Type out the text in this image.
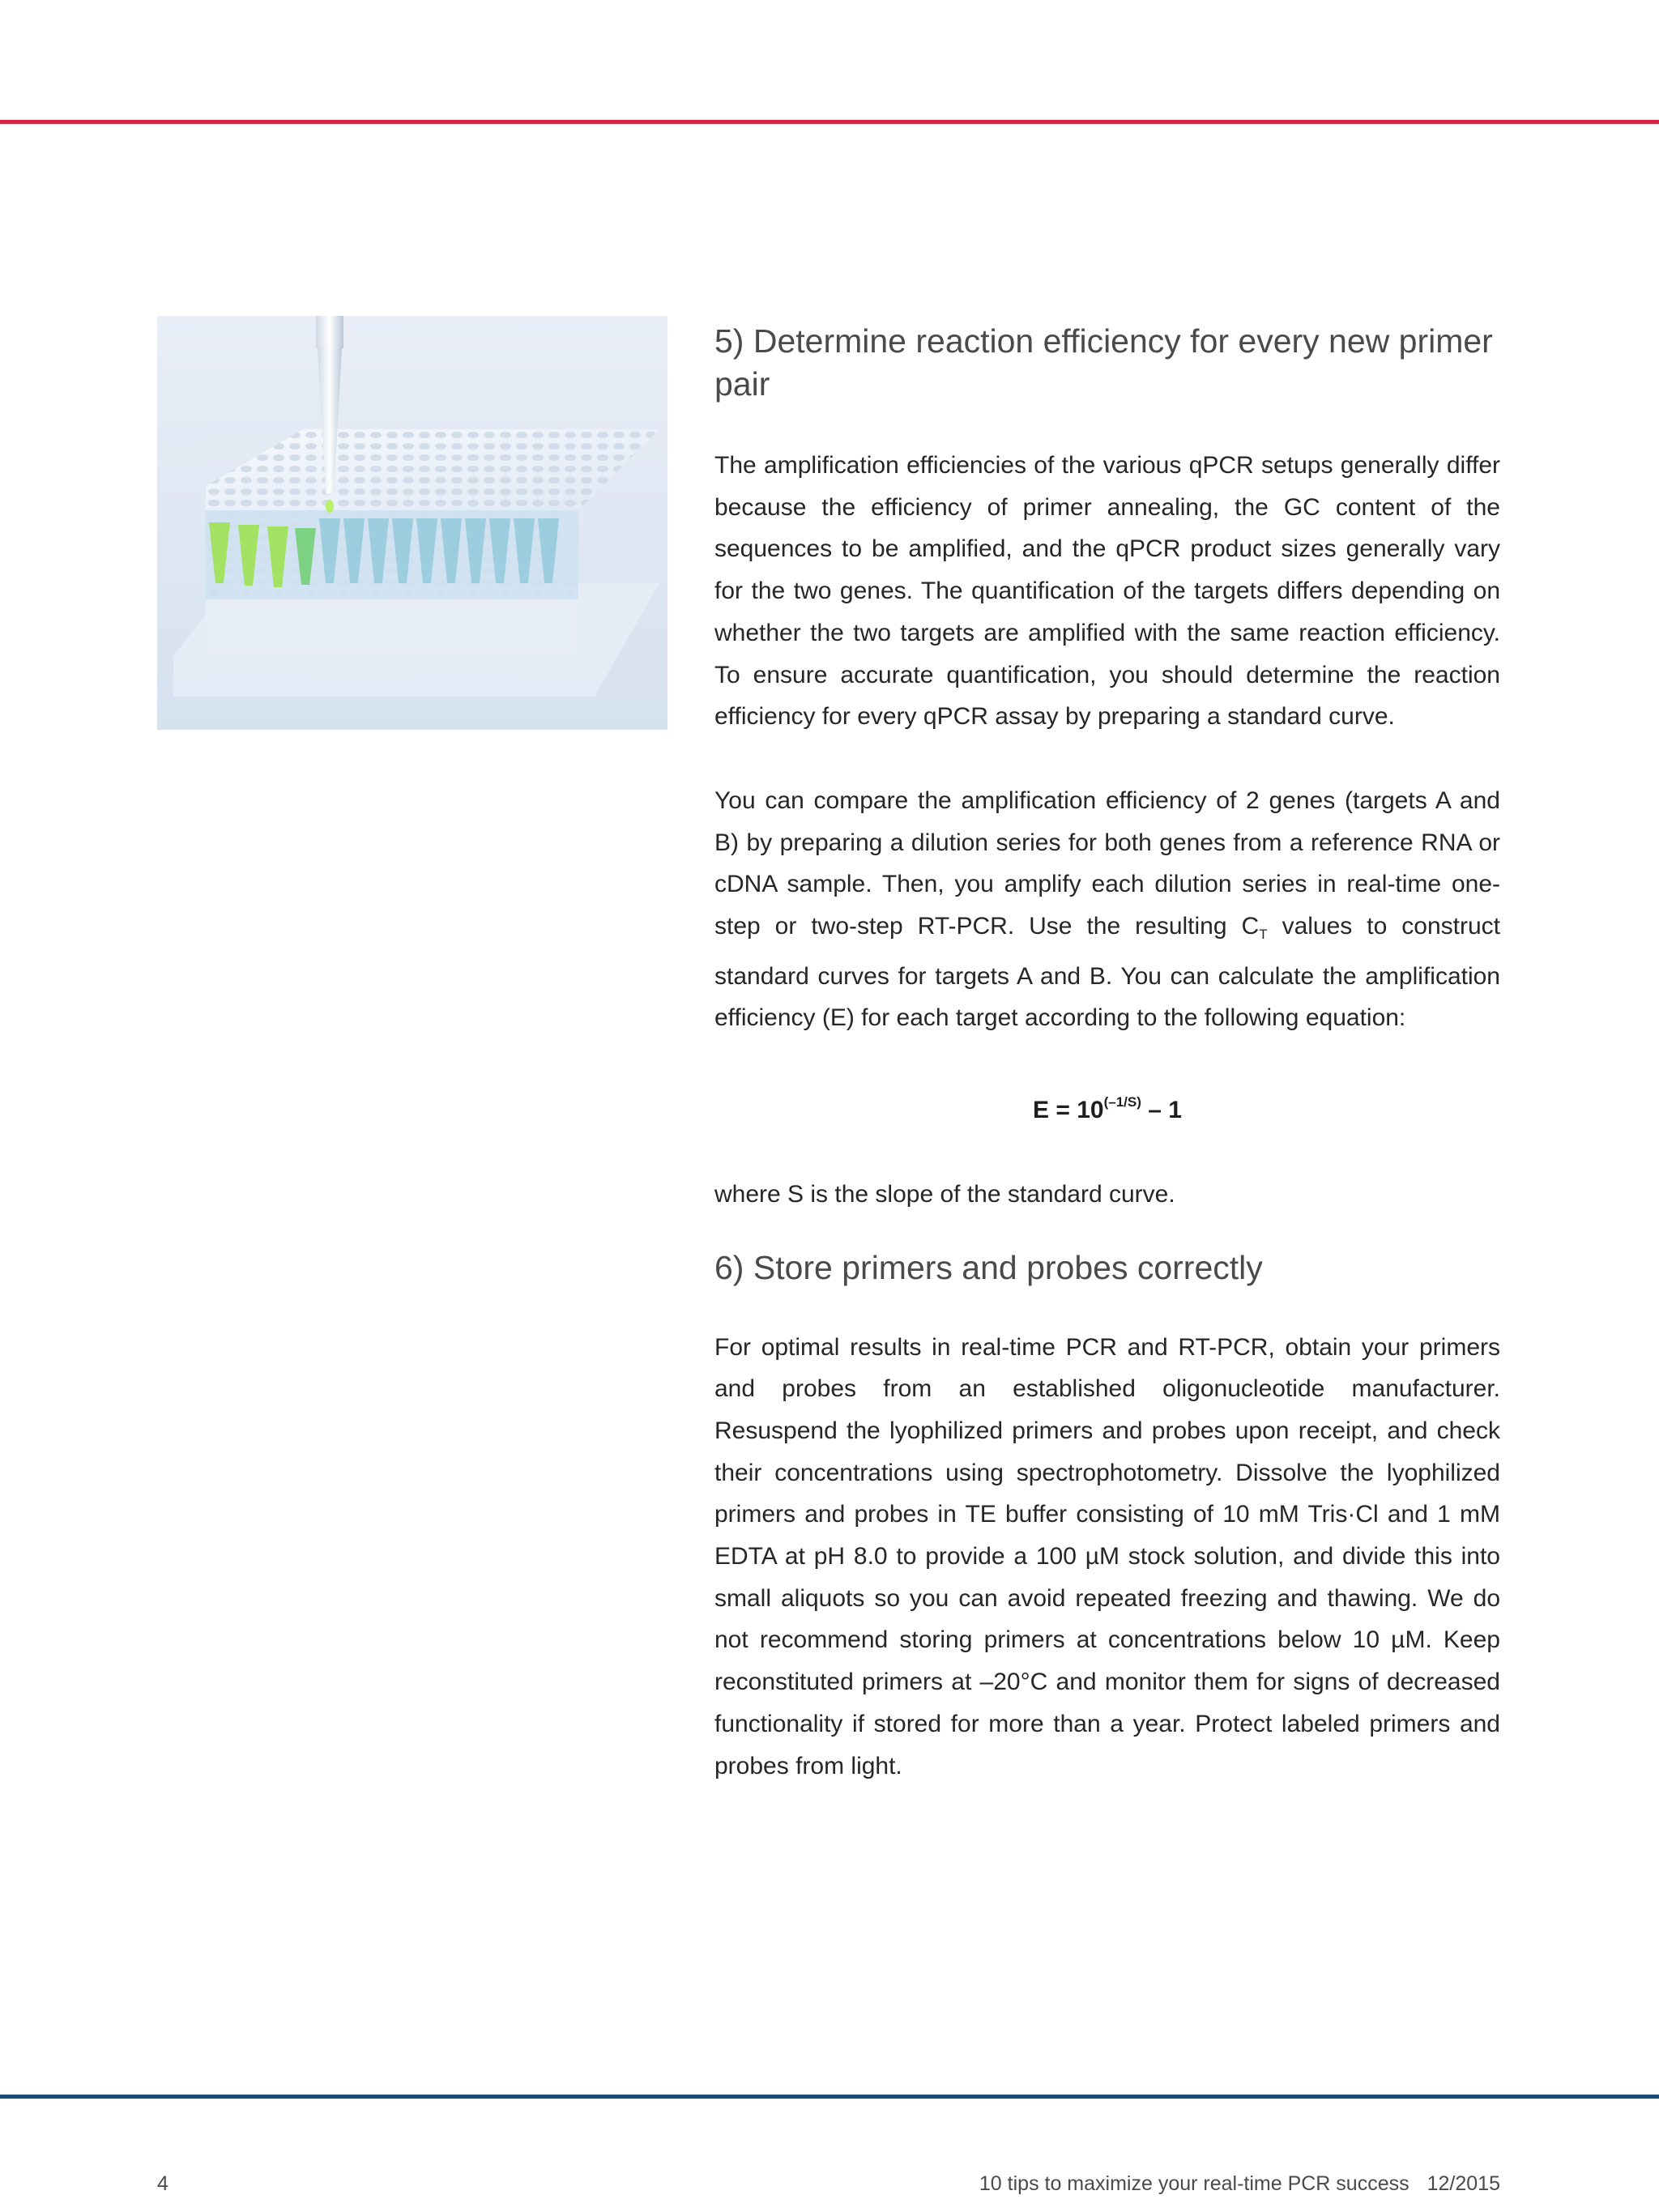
5) Determine reaction efficiency for every new primer pair

The amplification efficiencies of the various qPCR setups generally differ because the efficiency of primer annealing, the GC content of the sequences to be amplified, and the qPCR product sizes generally vary for the two genes. The quantification of the targets differs depending on whether the two targets are amplified with the same reaction efficiency. To ensure accurate quantification, you should determine the reaction efficiency for every qPCR assay by preparing a standard curve.

You can compare the amplification efficiency of 2 genes (targets A and B) by preparing a dilution series for both genes from a reference RNA or cDNA sample. Then, you amplify each dilution series in real-time one-step or two-step RT-PCR. Use the resulting $C_T$ values to construct standard curves for targets A and B. You can calculate the amplification efficiency (E) for each target according to the following equation:

$E = 10^{(-1/S)} - 1$

where S is the slope of the standard curve.

6) Store primers and probes correctly

For optimal results in real-time PCR and RT-PCR, obtain your primers and probes from an established oligonucleotide manufacturer. Resuspend the lyophilized primers and probes upon receipt, and check their concentrations using spectrophotometry. Dissolve the lyophilized primers and probes in TE buffer consisting of 10 mM Tris·Cl and 1 mM EDTA at pH 8.0 to provide a 100 µM stock solution, and divide this into small aliquots so you can avoid repeated freezing and thawing. We do not recommend storing primers at concentrations below 10 µM. Keep reconstituted primers at –20°C and monitor them for signs of decreased functionality if stored for more than a year. Protect labeled primers and probes from light.

4	10 tips to maximize your real-time PCR success 12/2015
